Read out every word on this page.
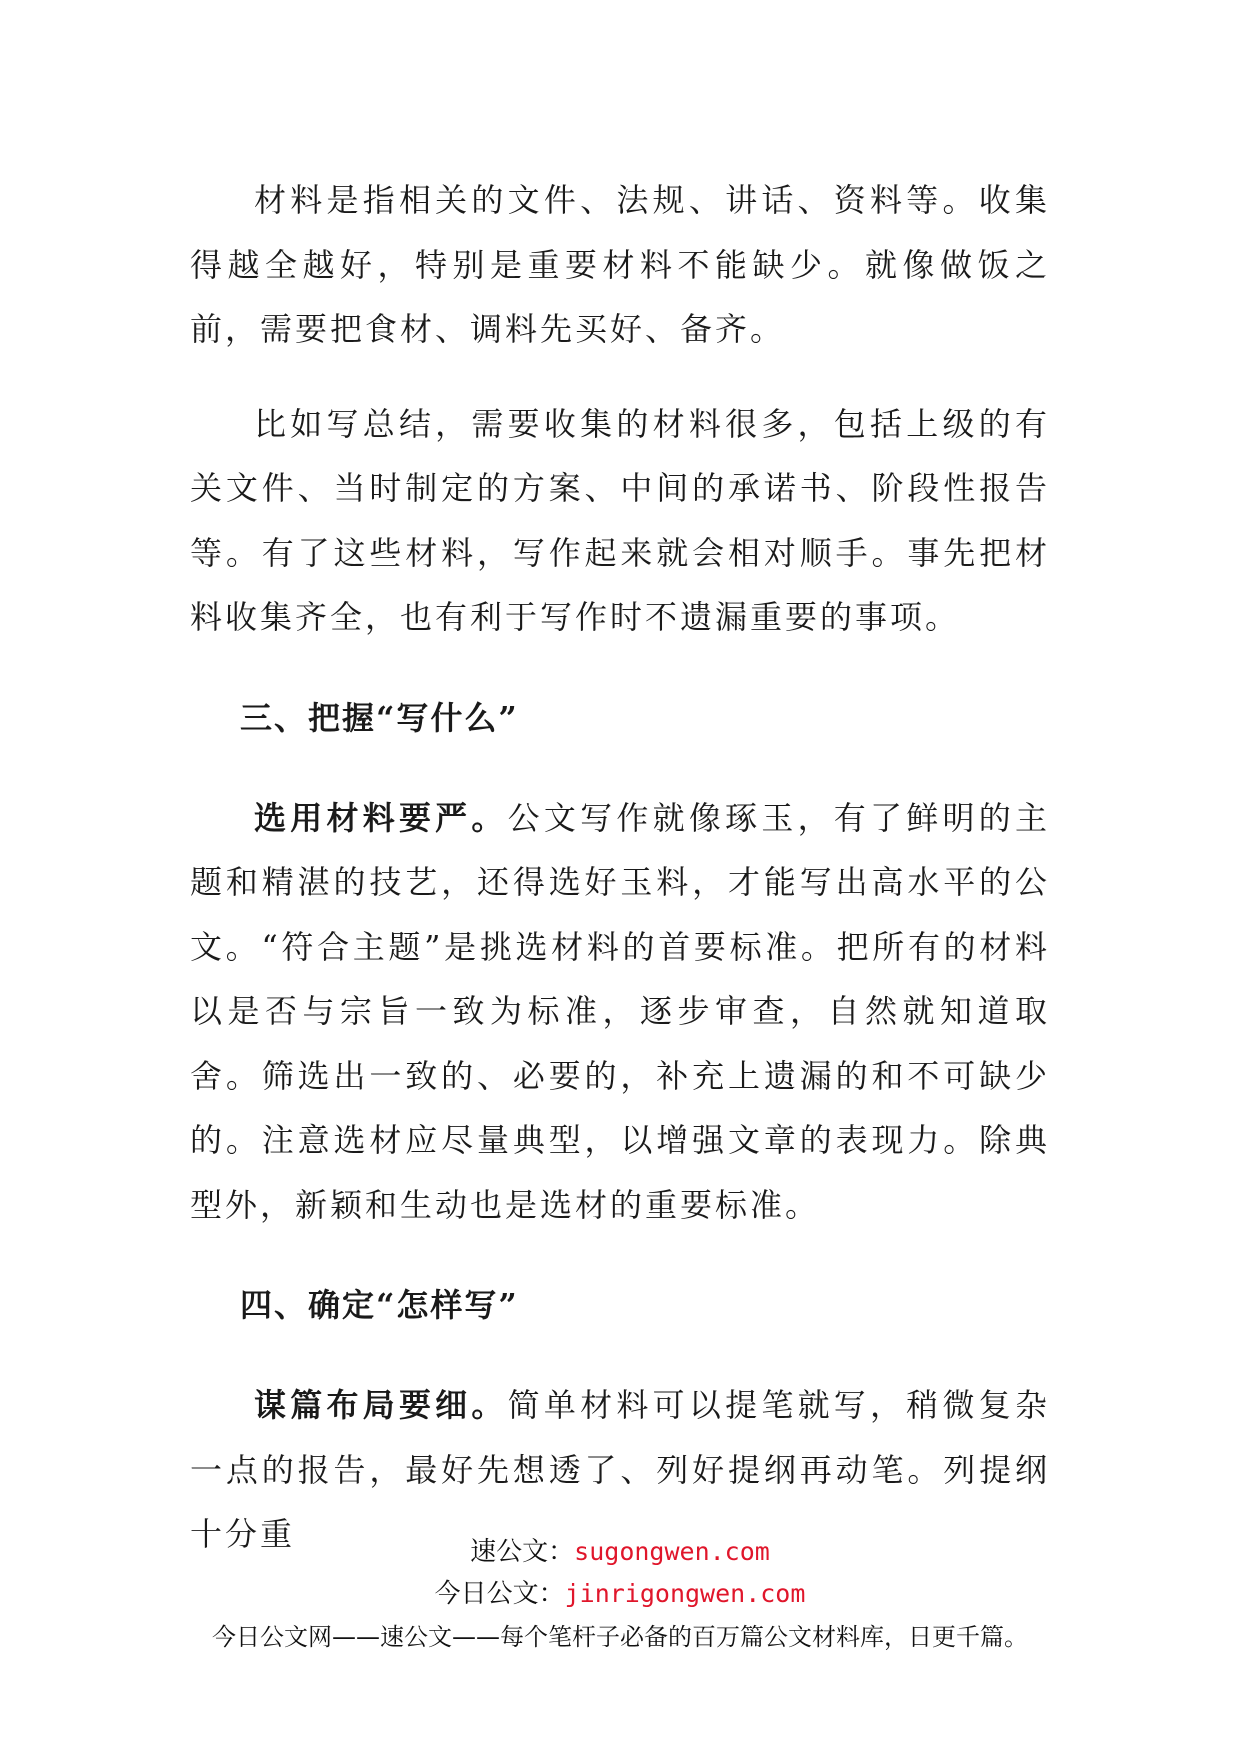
材料是指相关的文件、法规、讲话、资料等。收集得越全越好，特别是重要材料不能缺少。就像做饭之前，需要把食材、调料先买好、备齐。

比如写总结，需要收集的材料很多，包括上级的有关文件、当时制定的方案、中间的承诺书、阶段性报告等。有了这些材料，写作起来就会相对顺手。事先把材料收集齐全，也有利于写作时不遗漏重要的事项。

三、把握“写什么”

选用材料要严。公文写作就像琢玉，有了鲜明的主题和精湛的技艺，还得选好玉料，才能写出高水平的公文。“符合主题”是挑选材料的首要标准。把所有的材料以是否与宗旨一致为标准，逐步审查，自然就知道取舍。筛选出一致的、必要的，补充上遗漏的和不可缺少的。注意选材应尽量典型，以增强文章的表现力。除典型外，新颖和生动也是选材的重要标准。

四、确定“怎样写”

谋篇布局要细。简单材料可以提笔就写，稍微复杂一点的报告，最好先想透了、列好提纲再动笔。列提纲十分重	速公文：sugongwen.com
今日公文：jinrigongwen.com
今日公文网——速公文——每个笔杆子必备的百万篇公文材料库，日更千篇。
